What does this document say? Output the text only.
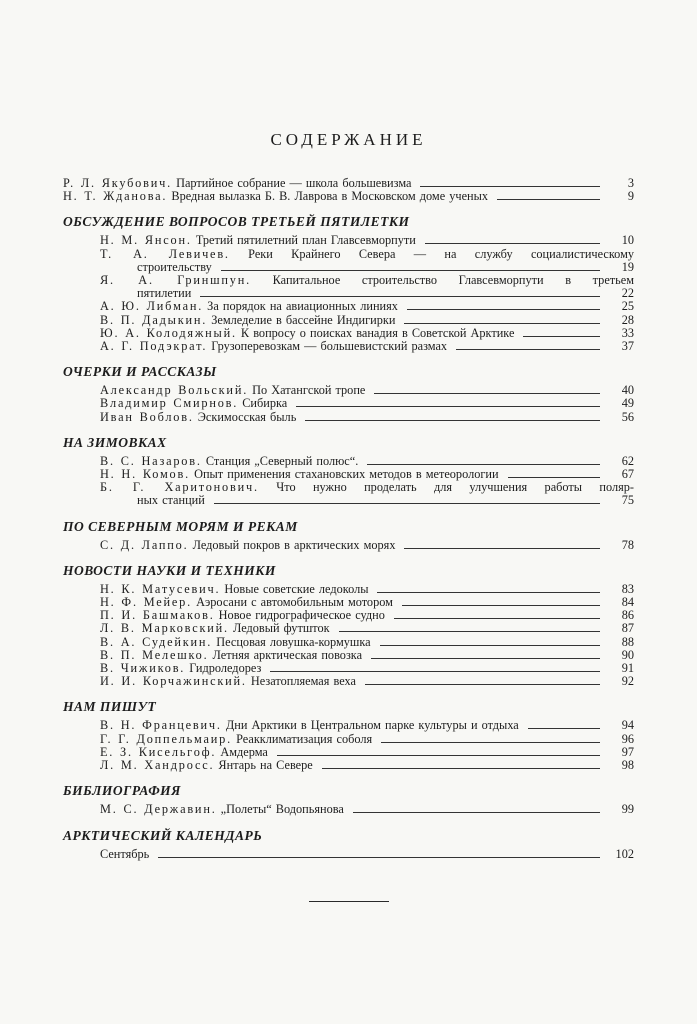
СОДЕРЖАНИЕ
Р. Л. Якубович. Партийное собрание — школа большевизма	3
Н. Т. Жданова. Вредная вылазка Б. В. Лаврова в Московском доме ученых	9
ОБСУЖДЕНИЕ ВОПРОСОВ ТРЕТЬЕЙ ПЯТИЛЕТКИ
Н. М. Янсон. Третий пятилетний план Главсевморпути	10
Т. А. Левичев. Реки Крайнего Севера — на службу социалистическому
строительству	19
Я. А. Гриншпун. Капитальное строительство Главсевморпути в третьем
пятилетии	22
А. Ю. Либман. За порядок на авиационных линиях	25
В. П. Дадыкин. Земледелие в бассейне Индигирки	28
Ю. А. Колодяжный. К вопросу о поисках ванадия в Советской Арктике	33
А. Г. Подэкрат. Грузоперевозкам — большевистский размах	37
ОЧЕРКИ И РАССКАЗЫ
Александр Вольский. По Хатангской тропе	40
Владимир Смирнов. Сибирка	49
Иван Воблов. Эскимосская быль	56
НА ЗИМОВКАХ
В. С. Назаров. Станция „Северный полюс“.	62
Н. Н. Комов. Опыт применения стахановских методов в метеорологии	67
Б. Г. Харитонович. Что нужно проделать для улучшения работы поляр-
ных станций	75
ПО СЕВЕРНЫМ МОРЯМ И РЕКАМ
С. Д. Лаппо. Ледовый покров в арктических морях	78
НОВОСТИ НАУКИ И ТЕХНИКИ
Н. К. Матусевич. Новые советские ледоколы	83
Н. Ф. Мейер. Аэросани с автомобильным мотором	84
П. И. Башмаков. Новое гидрографическое судно	86
Л. В. Марковский. Ледовый футшток	87
В. А. Судейкин. Песцовая ловушка-кормушка	88
В. П. Мелешко. Летняя арктическая повозка	90
В. Чижиков. Гидроледорез	91
И. И. Корчажинский. Незатопляемая веха	92
НАМ ПИШУТ
В. Н. Францевич. Дни Арктики в Центральном парке культуры и отдыха	94
Г. Г. Доппельмаир. Реакклиматизация соболя	96
Е. З. Кисельгоф. Амдерма	97
Л. М. Хандросс. Янтарь на Севере	98
БИБЛИОГРАФИЯ
М. С. Державин. „Полеты“ Водопьянова	99
АРКТИЧЕСКИЙ КАЛЕНДАРЬ
Сентябрь	102
